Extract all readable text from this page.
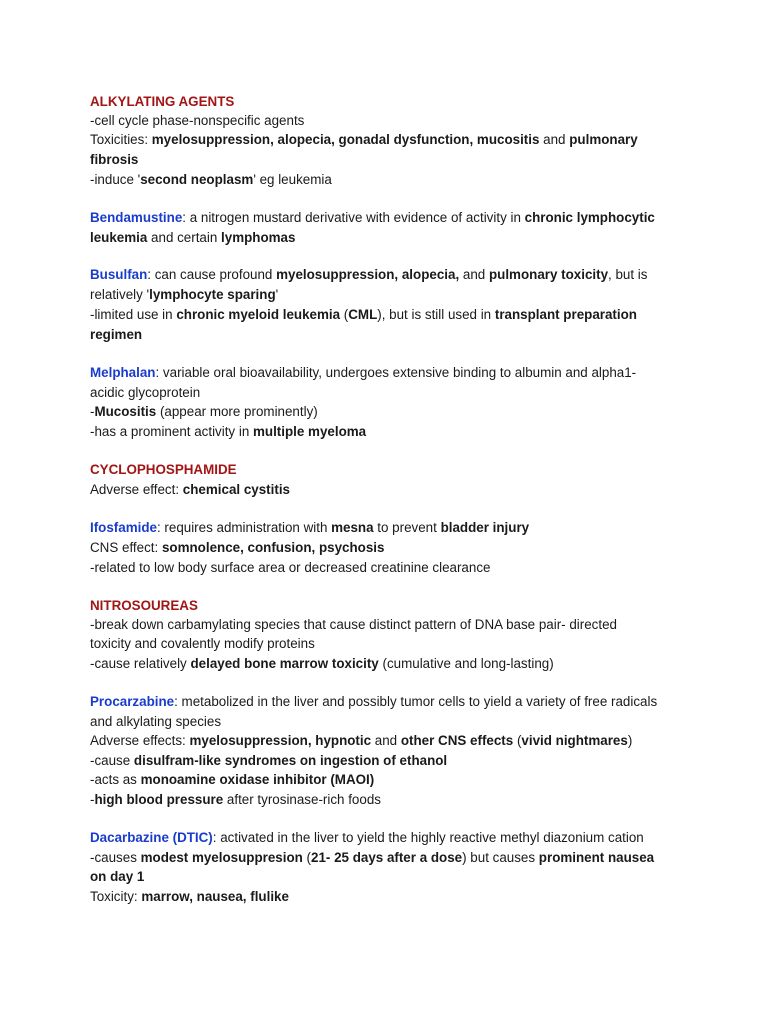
ALKYLATING AGENTS
-cell cycle phase-nonspecific agents
Toxicities: myelosuppression, alopecia, gonadal dysfunction, mucositis and pulmonary
fibrosis
-induce 'second neoplasm' eg leukemia
Bendamustine: a nitrogen mustard derivative with evidence of activity in chronic lymphocytic
leukemia and certain lymphomas
Busulfan: can cause profound myelosuppression, alopecia, and pulmonary toxicity, but is
relatively 'lymphocyte sparing'
-limited use in chronic myeloid leukemia (CML), but is still used in transplant preparation
regimen
Melphalan: variable oral bioavailability, undergoes extensive binding to albumin and alpha1-
acidic glycoprotein
-Mucositis (appear more prominently)
-has a prominent activity in multiple myeloma
CYCLOPHOSPHAMIDE
Adverse effect: chemical cystitis
Ifosfamide: requires administration with mesna to prevent bladder injury
CNS effect: somnolence, confusion, psychosis
-related to low body surface area or decreased creatinine clearance
NITROSOUREAS
-break down carbamylating species that cause distinct pattern of DNA base pair- directed
toxicity and covalently modify proteins
-cause relatively delayed bone marrow toxicity (cumulative and long-lasting)
Procarzabine: metabolized in the liver and possibly tumor cells to yield a variety of free radicals
and alkylating species
Adverse effects: myelosuppression, hypnotic and other CNS effects (vivid nightmares)
-cause disulfram-like syndromes on ingestion of ethanol
-acts as monoamine oxidase inhibitor (MAOI)
-high blood pressure after tyrosinase-rich foods
Dacarbazine (DTIC): activated in the liver to yield the highly reactive methyl diazonium cation
-causes modest myelosuppresion (21- 25 days after a dose) but causes prominent nausea
on day 1
Toxicity: marrow, nausea, flulike
